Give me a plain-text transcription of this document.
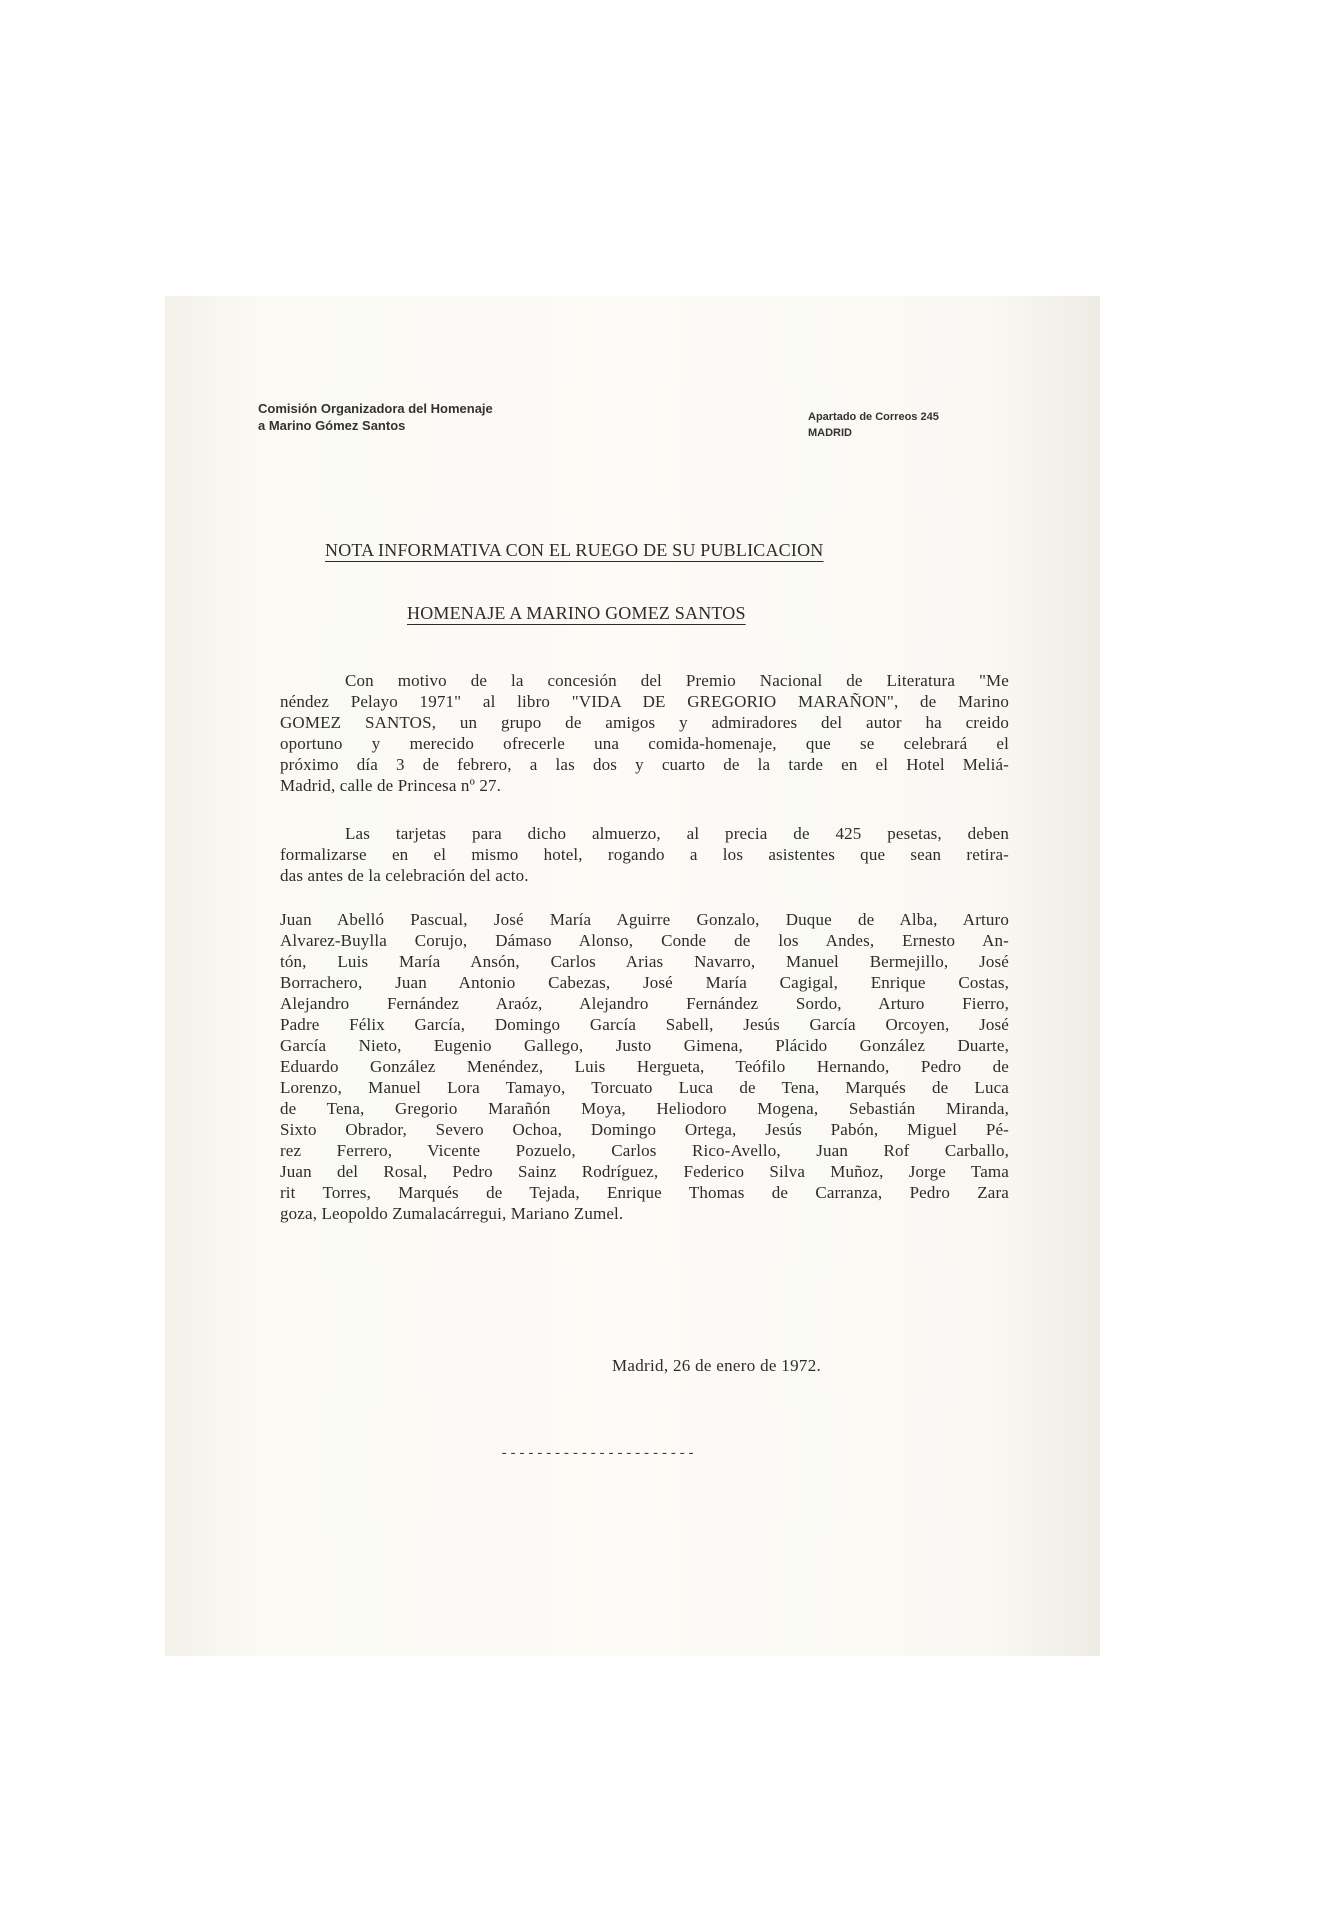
Comisión Organizadora del Homenaje
a Marino Gómez Santos
Apartado de Correos 245
MADRID
NOTA INFORMATIVA CON EL RUEGO DE SU PUBLICACION
HOMENAJE A MARINO GOMEZ SANTOS
Con motivo de la concesión del Premio Nacional de Literatura "Me
néndez Pelayo 1971" al libro "VIDA DE GREGORIO MARAÑON", de Marino
GOMEZ SANTOS, un grupo de amigos y admiradores del autor ha creido
oportuno y merecido ofrecerle una comida-homenaje, que se celebrará el
próximo día 3 de febrero, a las dos y cuarto de la tarde en el Hotel Meliá-
Madrid, calle de Princesa nº 27.
Las tarjetas para dicho almuerzo, al precia de 425 pesetas, deben
formalizarse en el mismo hotel, rogando a los asistentes que sean retira-
das antes de la celebración del acto.
Juan Abelló Pascual, José María Aguirre Gonzalo, Duque de Alba, Arturo
Alvarez-Buylla Corujo, Dámaso Alonso, Conde de los Andes, Ernesto An-
tón, Luis María Ansón, Carlos Arias Navarro, Manuel Bermejillo, José
Borrachero, Juan Antonio Cabezas, José María Cagigal, Enrique Costas,
Alejandro Fernández Araóz, Alejandro Fernández Sordo, Arturo Fierro,
Padre Félix García, Domingo García Sabell, Jesús García Orcoyen, José
García Nieto, Eugenio Gallego, Justo Gimena, Plácido González Duarte,
Eduardo González Menéndez, Luis Hergueta, Teófilo Hernando, Pedro de
Lorenzo, Manuel Lora Tamayo, Torcuato Luca de Tena, Marqués de Luca
de Tena, Gregorio Marañón Moya, Heliodoro Mogena, Sebastián Miranda,
Sixto Obrador, Severo Ochoa, Domingo Ortega, Jesús Pabón, Miguel Pé-
rez Ferrero, Vicente Pozuelo, Carlos Rico-Avello, Juan Rof Carballo,
Juan del Rosal, Pedro Sainz Rodríguez, Federico Silva Muñoz, Jorge Tama
rit Torres, Marqués de Tejada, Enrique Thomas de Carranza, Pedro Zara
goza, Leopoldo Zumalacárregui, Mariano Zumel.
Madrid, 26 de enero de 1972.
----------------------
